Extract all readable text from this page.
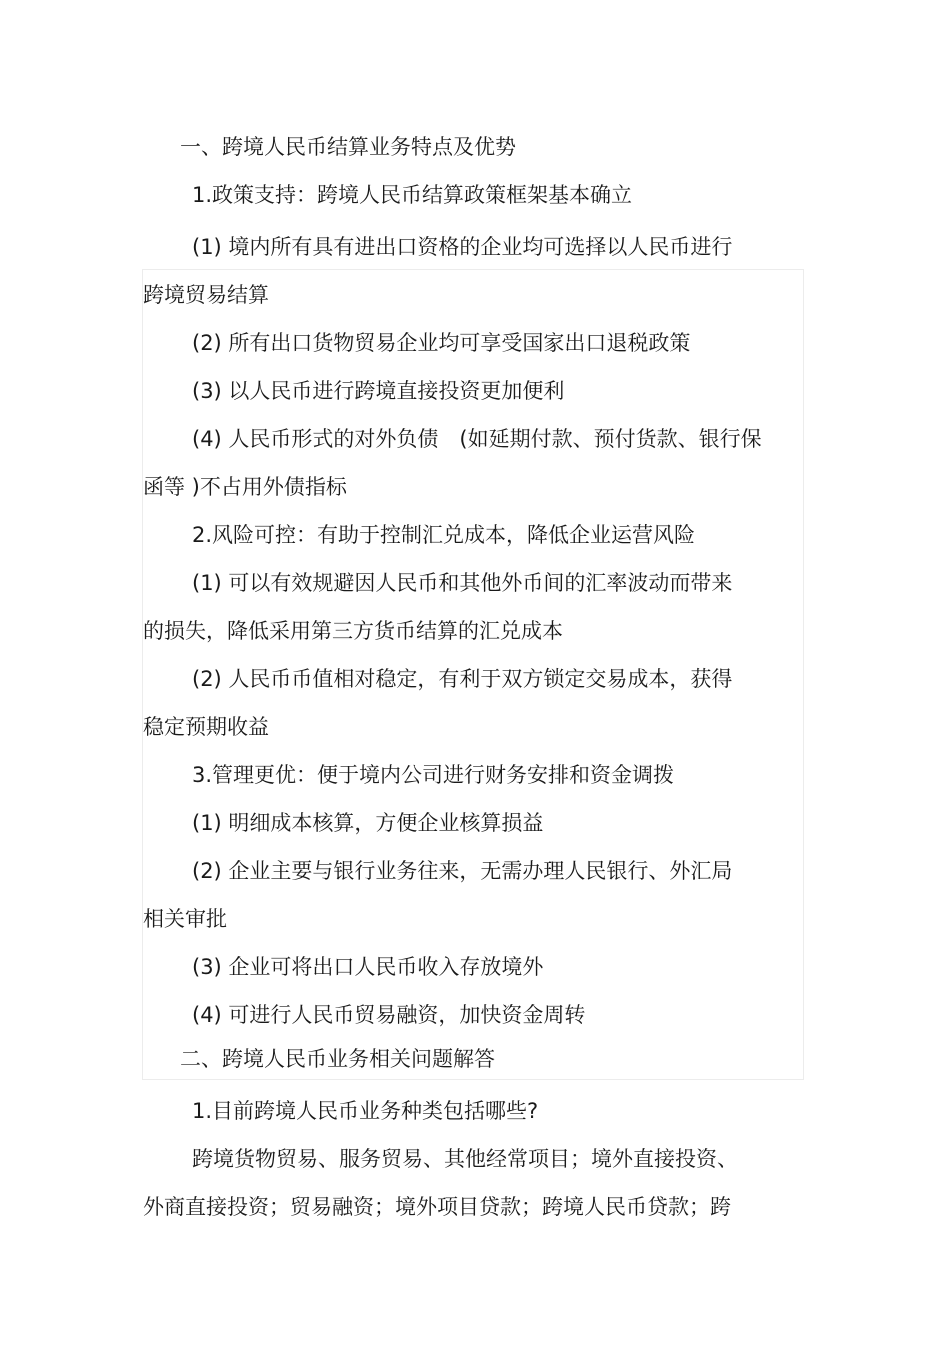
一、跨境人民币结算业务特点及优势
1.政策支持：跨境人民币结算政策框架基本确立
(1) 境内所有具有进出口资格的企业均可选择以人民币进行
跨境贸易结算
(2) 所有出口货物贸易企业均可享受国家出口退税政策
(3) 以人民币进行跨境直接投资更加便利
(4) 人民币形式的对外负债　(如延期付款、预付货款、银行保
函等 )不占用外债指标
2.风险可控：有助于控制汇兑成本，降低企业运营风险
(1) 可以有效规避因人民币和其他外币间的汇率波动而带来
的损失，降低采用第三方货币结算的汇兑成本
(2) 人民币币值相对稳定，有利于双方锁定交易成本，获得
稳定预期收益
3.管理更优：便于境内公司进行财务安排和资金调拨
(1) 明细成本核算，方便企业核算损益
(2) 企业主要与银行业务往来，无需办理人民银行、外汇局
相关审批
(3) 企业可将出口人民币收入存放境外
(4) 可进行人民币贸易融资，加快资金周转
二、跨境人民币业务相关问题解答
1.目前跨境人民币业务种类包括哪些?
跨境货物贸易、服务贸易、其他经常项目；境外直接投资、
外商直接投资；贸易融资；境外项目贷款；跨境人民币贷款；跨
